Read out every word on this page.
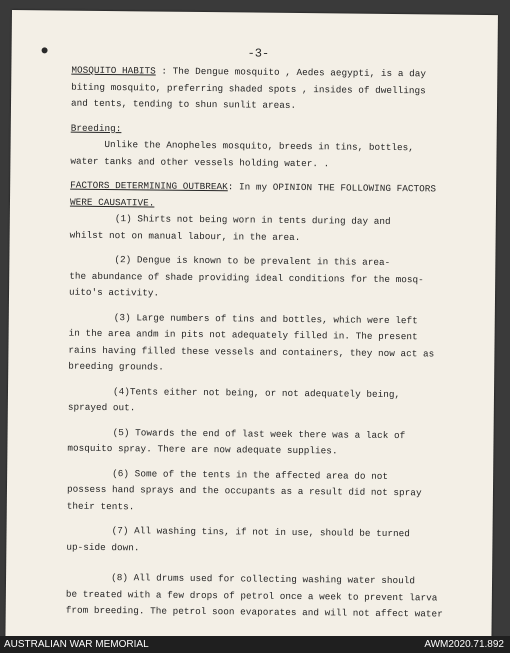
-3-
MOSQUITO HABITS : The Dengue mosquito , Aedes aegypti, is a day
biting mosquito, preferring shaded spots , insides of dwellings
and tents, tending to shun sunlit areas.
Breeding:
Unlike the Anopheles mosquito, breeds in tins, bottles,
water tanks and other vessels holding water. .
FACTORS DETERMINING OUTBREAK: In my OPINION THE FOLLOWING FACTORS
WERE CAUSATIVE.
(1) Shirts not being worn in tents during day and
whilst not on manual labour, in the area.
(2) Dengue is known to be prevalent in this area-
the abundance of shade providing ideal conditions for the mosq-
uito's activity.
(3) Large numbers of tins and bottles, which were left
in the area andm in pits not adequately filled in. The present
rains having filled these vessels and containers, they now act as
breeding grounds.
(4)Tents either not being, or not adequately being,
sprayed out.
(5) Towards the end of last week there was a lack of
mosquito spray. There are now adequate supplies.
(6) Some of the tents in the affected area do not
possess hand sprays and the occupants as a result did not spray
their tents.
(7) All washing tins, if not in use, should be turned
up-side down.
(8) All drums used for collecting washing water should
be treated with a few drops of petrol once a week to prevent larva
from breeding. The petrol soon evaporates and will not affect water
AUSTRALIAN WAR MEMORIAL	AWM2020.71.892
